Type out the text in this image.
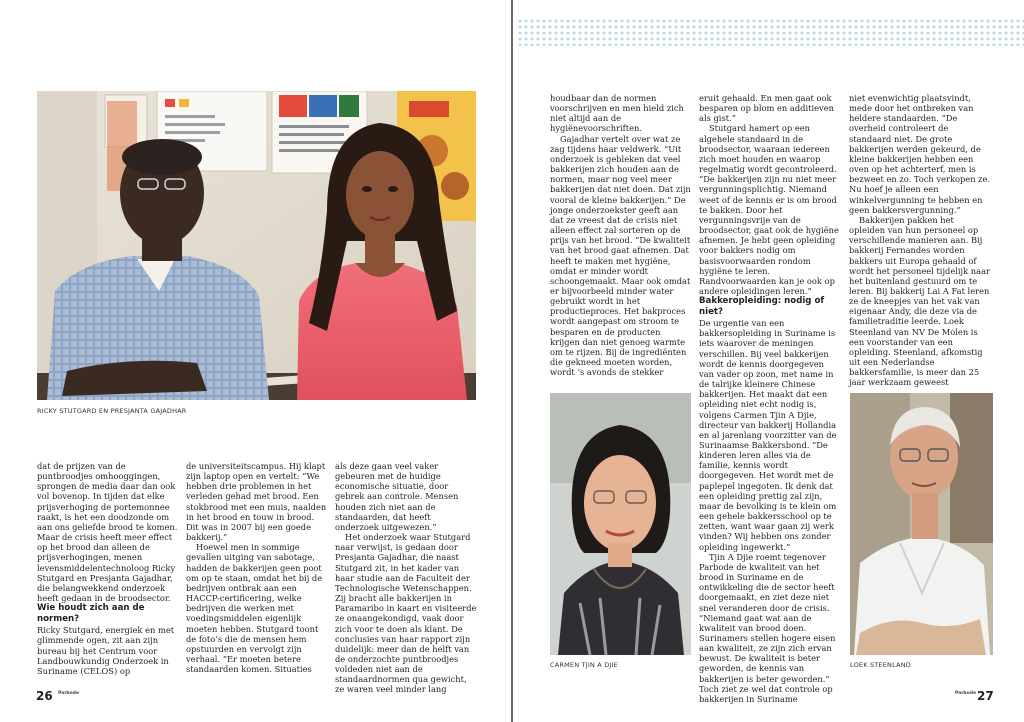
RICKY STUTGARD EN PRESJANTA GAJADHAR

dat de prijzen van de puntbroodjes omhooggingen, sprongen de media daar dan ook vol bovenop. In tijden dat elke prijsverhoging de portemonnee raakt, is het een doodzonde om aan ons geliefde brood te komen. Maar de crisis heeft meer effect op het brood dan alleen de prijsverhogingen, menen levensmiddelentechnoloog Ricky Stutgard en Presjanta Gajadhar, die belangwekkend onderzoek heeft gedaan in de broodsector.

Wie houdt zich aan de normen?

Ricky Stutgard, energiek en met glimmende ogen, zit aan zijn bureau bij het Centrum voor Landbouwkundig Onderzoek in Suriname (CELOS) op

de universiteitscampus. Hij klapt zijn laptop open en vertelt: “We hebben drie problemen in het verleden gehad met brood. Een stokbrood met een muis, naalden in het brood en touw in brood. Dit was in 2007 bij een goede bakkerij.”

Hoewel men in sommige gevallen uitging van sabotage, hadden de bakkerijen geen poot om op te staan, omdat het bij de bedrijven ontbrak aan een HACCP-certificering, welke bedrijven die werken met voedingsmiddelen eigenlijk moeten hebben. Stutgard toont de foto’s die de mensen hem opstuurden en vervolgt zijn verhaal. “Er moeten betere standaarden komen. Situaties

als deze gaan veel vaker gebeuren met de huidige economische situatie, door gebrek aan controle. Mensen houden zich niet aan de standaarden, dat heeft onderzoek uitgewezen.”

Het onderzoek waar Stutgard naar verwijst, is gedaan door Presjanta Gajadhar, die naast Stutgard zit, in het kader van haar studie aan de Faculteit der Technologische Wetenschappen. Zij bracht alle bakkerijen in Paramaribo in kaart en visiteerde ze onaangekondigd, vaak door zich voor te doen als klant. De conclusies van haar rapport zijn duidelijk: meer dan de helft van de onderzochte puntbroodjes voldeden niet aan de standaardnormen qua gewicht, ze waren veel minder lang

26 Parbode

houdbaar dan de normen voorschrijven en men hield zich niet altijd aan de hygiënevoorschriften.

Gajadhar vertelt over wat ze zag tijdens haar veldwerk. “Uit onderzoek is gebleken dat veel bakkerijen zich houden aan de normen, maar nog veel meer bakkerijen dat niet doen. Dat zijn vooral de kleine bakkerijen.” De jonge onderzoekster geeft aan dat ze vreest dat de crisis niet alleen effect zal sorteren op de prijs van het brood. “De kwaliteit van het brood gaat afnemen. Dat heeft te maken met hygiëne, omdat er minder wordt schoongemaakt. Maar ook omdat er bijvoorbeeld minder water gebruikt wordt in het productieproces. Het bakproces wordt aangepast om stroom te besparen en de producten krijgen dan niet genoeg warmte om te rijzen. Bij de ingrediënten die gekneed moeten worden, wordt ’s avonds de stekker

eruit gehaald. En men gaat ook besparen op blom en additieven als gist.”

Stutgard hamert op een algehele standaard in de broodsector, waaraan iedereen zich moet houden en waarop regelmatig wordt gecontroleerd. “De bakkerijen zijn nu niet meer vergunningsplichtig. Niemand weet of de kennis er is om brood te bakken. Door het vergunningsvrije van de broodsector, gaat ook de hygiëne afnemen. Je hebt geen opleiding voor bakkers nodig om basisvoorwaarden rondom hygiëne te leren. Randvoorwaarden kan je ook op andere opleidingen leren.”

Bakkeropleiding: nodig of niet?

De urgentie van een bakkersopleiding in Suriname is iets waarover de meningen verschillen. Bij veel bakkerijen wordt de kennis doorgegeven van vader op zoon, met name in de talrijke kleinere Chinese bakkerijen. Het maakt dat een opleiding niet echt nodig is, volgens Carmen Tjin A Djie, directeur van bakkerij Hollandia en al jarenlang voorzitter van de Surinaamse Bakkersbond. “De kinderen leren alles via de familie, kennis wordt doorgegeven. Het wordt met de paplepel ingegoten. Ik denk dat een opleiding prettig zal zijn, maar de bevolking is te klein om een gehele bakkersschool op te zetten, want waar gaan zij werk vinden? Wij hebben ons zonder opleiding ingewerkt.”

Tjin A Djie roemt tegenover Parbode de kwaliteit van het brood in Suriname en de ontwikkeling die de sector heeft doorgemaakt, en ziet deze niet snel veranderen door de crisis. “Niemand gaat wat aan de kwaliteit van brood doen. Surinamers stellen hogere eisen aan kwaliteit, ze zijn zich ervan bewust. De kwaliteit is beter geworden, de kennis van bakkerijen is beter geworden.” Toch ziet ze wel dat controle op bakkerijen in Suriname

niet evenwichtig plaatsvindt, mede door het ontbreken van heldere standaarden. “De overheid controleert de standaard niet. De grote bakkerijen werden gekeurd, de kleine bakkerijen hebben een oven op het achterterf, men is bezweet en zo. Toch verkopen ze. Nu hoef je alleen een winkelvergunning te hebben en geen bakkersvergunning.”

Bakkerijen pakken het opleiden van hun personeel op verschillende manieren aan. Bij bakkerij Fernandes worden bakkers uit Europa gehaald of wordt het personeel tijdelijk naar het buitenland gestuurd om te leren. Bij bakkerij Lai A Fat leren ze de kneepjes van het vak van eigenaar Andy, die deze via de familietraditie leerde. Loek Steenland van NV De Molen is een voorstander van een opleiding. Steenland, afkomstig uit een Nederlandse bakkersfamilie, is meer dan 25 jaar werkzaam geweest

CARMEN TJIN A DJIE	LOEK STEENLAND
Parbode 27
